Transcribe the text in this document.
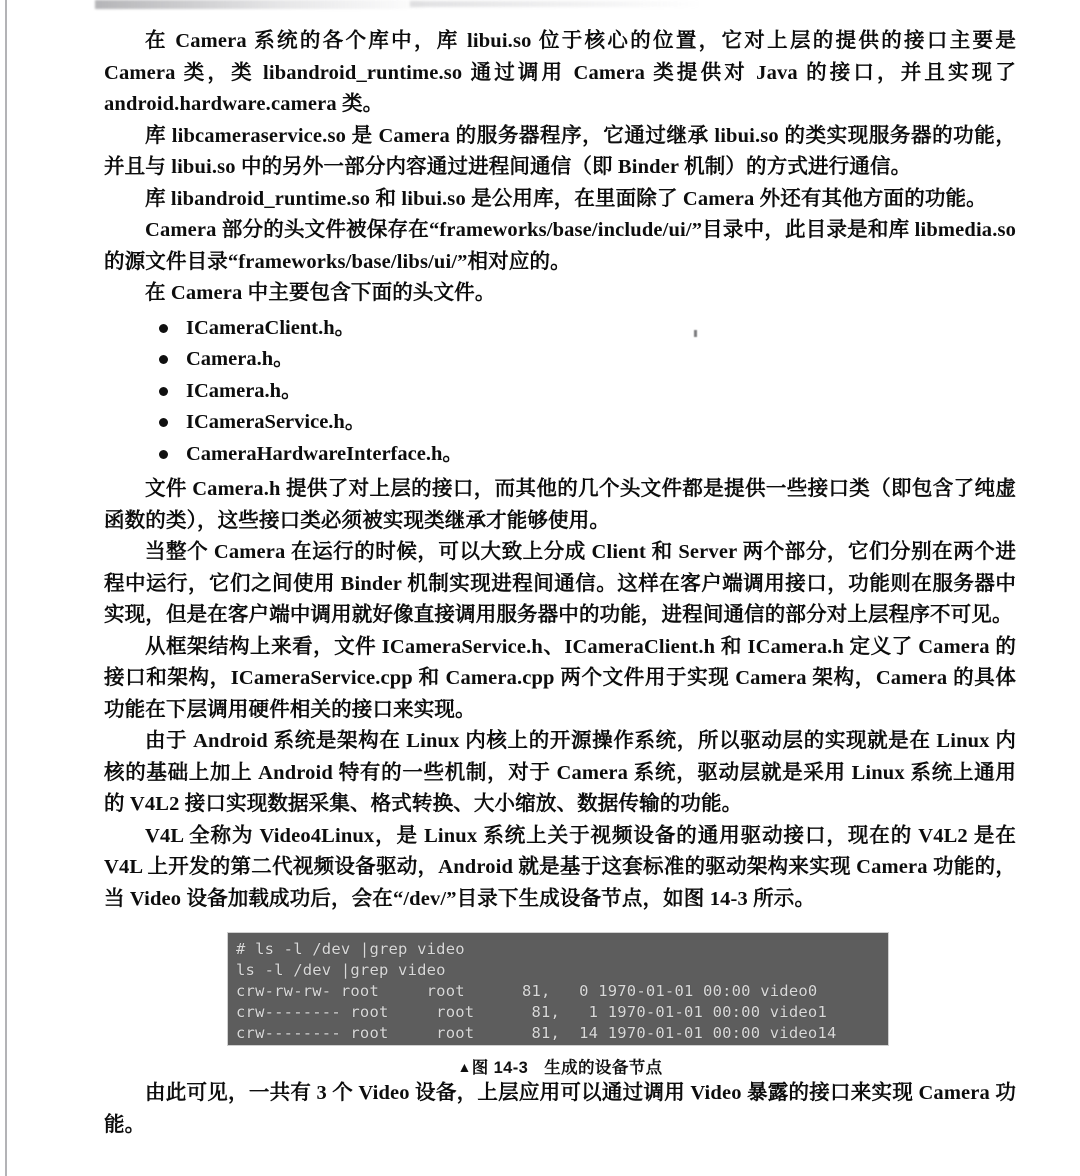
在 Camera 系统的各个库中，库 libui.so 位于核心的位置，它对上层的提供的接口主要是 Camera 类，类 libandroid_runtime.so 通过调用 Camera 类提供对 Java 的接口，并且实现了 android.hardware.camera 类。

库 libcameraservice.so 是 Camera 的服务器程序，它通过继承 libui.so 的类实现服务器的功能，并且与 libui.so 中的另外一部分内容通过进程间通信（即 Binder 机制）的方式进行通信。

库 libandroid_runtime.so 和 libui.so 是公用库，在里面除了 Camera 外还有其他方面的功能。

Camera 部分的头文件被保存在“frameworks/base/include/ui/”目录中，此目录是和库 libmedia.so 的源文件目录“frameworks/base/libs/ui/”相对应的。

在 Camera 中主要包含下面的头文件。

ICameraClient.h。
Camera.h。
ICamera.h。
ICameraService.h。
CameraHardwareInterface.h。

文件 Camera.h 提供了对上层的接口，而其他的几个头文件都是提供一些接口类（即包含了纯虚函数的类），这些接口类必须被实现类继承才能够使用。

当整个 Camera 在运行的时候，可以大致上分成 Client 和 Server 两个部分，它们分别在两个进程中运行，它们之间使用 Binder 机制实现进程间通信。这样在客户端调用接口，功能则在服务器中实现，但是在客户端中调用就好像直接调用服务器中的功能，进程间通信的部分对上层程序不可见。

从框架结构上来看，文件 ICameraService.h、ICameraClient.h 和 ICamera.h 定义了 Camera 的接口和架构，ICameraService.cpp 和 Camera.cpp 两个文件用于实现 Camera 架构，Camera 的具体功能在下层调用硬件相关的接口来实现。

由于 Android 系统是架构在 Linux 内核上的开源操作系统，所以驱动层的实现就是在 Linux 内核的基础上加上 Android 特有的一些机制，对于 Camera 系统，驱动层就是采用 Linux 系统上通用的 V4L2 接口实现数据采集、格式转换、大小缩放、数据传输的功能。

V4L 全称为 Video4Linux，是 Linux 系统上关于视频设备的通用驱动接口，现在的 V4L2 是在 V4L 上开发的第二代视频设备驱动，Android 就是基于这套标准的驱动架构来实现 Camera 功能的，当 Video 设备加载成功后，会在“/dev/”目录下生成设备节点，如图 14-3 所示。

# ls -l /dev |grep video
ls -l /dev |grep video
crw-rw-rw- root     root      81,   0 1970-01-01 00:00 video0
crw-------- root     root      81,   1 1970-01-01 00:00 video1
crw-------- root     root      81,  14 1970-01-01 00:00 video14
▲图 14-3 生成的设备节点

由此可见，一共有 3 个 Video 设备，上层应用可以通过调用 Video 暴露的接口来实现 Camera 功能。
